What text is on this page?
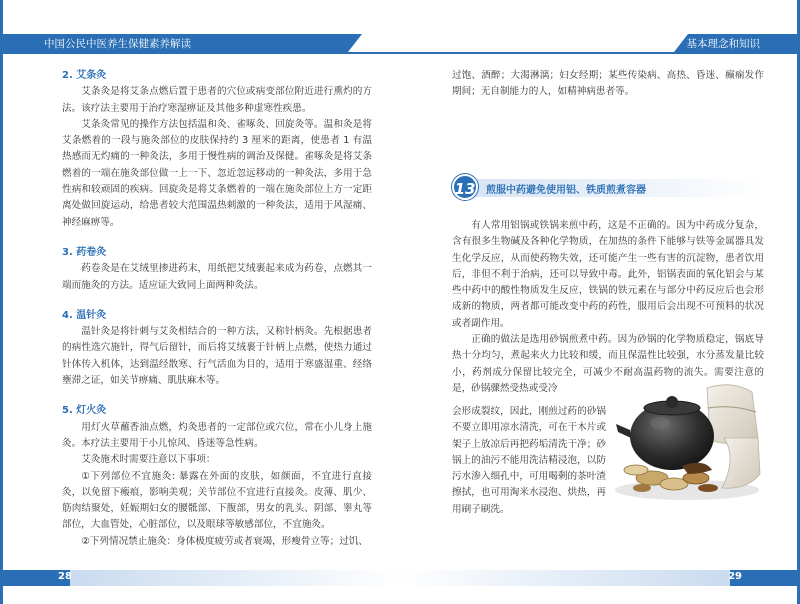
中国公民中医养生保健素养解读	基本理念和知识
2. 艾条灸
艾条灸是将艾条点燃后置于患者的穴位或病变部位附近进行熏灼的方法。该疗法主要用于治疗寒湿痹证及其他多种虚寒性疾患。
艾条灸常见的操作方法包括温和灸、雀啄灸、回旋灸等。温和灸是将艾条燃着的一段与施灸部位的皮肤保持约 3 厘米的距离，使患者 1 有温热感而无灼痛的一种灸法，多用于慢性病的调治及保健。雀啄灸是将艾条燃着的一端在施灸部位做一上一下、忽近忽远移动的一种灸法，多用于急性病和较顽固的疾病。回旋灸是将艾条燃着的一端在施灸部位上方一定距离处做回旋运动，给患者较大范围温热刺激的一种灸法，适用于风湿痛、神经麻痹等。
3. 药卷灸
药卷灸是在艾绒里掺进药末，用纸把艾绒裹起来成为药卷，点燃其一端而施灸的方法。适应证大致同上面两种灸法。
4. 温针灸
温针灸是将针刺与艾灸相结合的一种方法，又称针柄灸。先根据患者的病性选穴施针，得气后留针，而后将艾绒裹于针柄上点燃，使热力通过针体传入机体，达到温经散寒、行气活血为目的，适用于寒盛湿重、经络壅滞之证，如关节痹痛、肌肤麻木等。
5. 灯火灸
用灯火草蘸香油点燃，灼灸患者的一定部位或穴位，常在小儿身上施灸。本疗法主要用于小儿惊风、昏迷等急性病。
艾灸施术时需要注意以下事项：
①下列部位不宜施灸: 暴露在外面的皮肤，如颜面，不宜进行直接灸，以免留下瘢痕，影响美观；关节部位不宜进行直接灸。皮薄、肌少、筋肉结聚处，妊娠期妇女的腰骶部、下腹部，男女的乳头、阴部、睾丸等部位，大血管处，心脏部位，以及眼球等敏感部位，不宜施灸。
②下列情况禁止施灸：身体极度疲劳或者衰竭，形瘦骨立等；过饥、
过饱、酒醉；大渴淋漓；妇女经期；某些传染病、高热、昏迷、癫痫发作期间；无自制能力的人，如精神病患者等。
煎服中药避免使用铝、铁质煎煮容器
13
有人常用铝锅或铁锅来煎中药，这是不正确的。因为中药成分复杂，含有很多生物碱及各种化学物质，在加热的条件下能够与铁等金属器具发生化学反应，从而使药物失效，还可能产生一些有害的沉淀物，患者饮用后，非但不利于治病，还可以导致中毒。此外，铝锅表面的氧化铝会与某些中药中的酸性物质发生反应，铁锅的铁元素在与部分中药反应后也会形成新的物质，两者都可能改变中药的药性，服用后会出现不可预料的状况或者副作用。
正确的做法是选用砂锅煎煮中药。因为砂锅的化学物质稳定，锅底导热十分均匀，煮起来火力比较和缓，而且保温性比较强，水分蒸发量比较小，药剂成分保留比较完全，可减少不耐高温药物的流失。需要注意的是，砂锅骤然受热或受冷
会形成裂纹，因此，刚煎过药的砂锅不要立即用凉水清洗，可在干木片或架子上放凉后再把药垢清洗干净；砂锅上的油污不能用洗洁精浸泡，以防污水渗入细孔中，可用喝剩的茶叶渣擦拭，也可用淘米水浸泡、烘热，再用刷子刷洗。
28	29
